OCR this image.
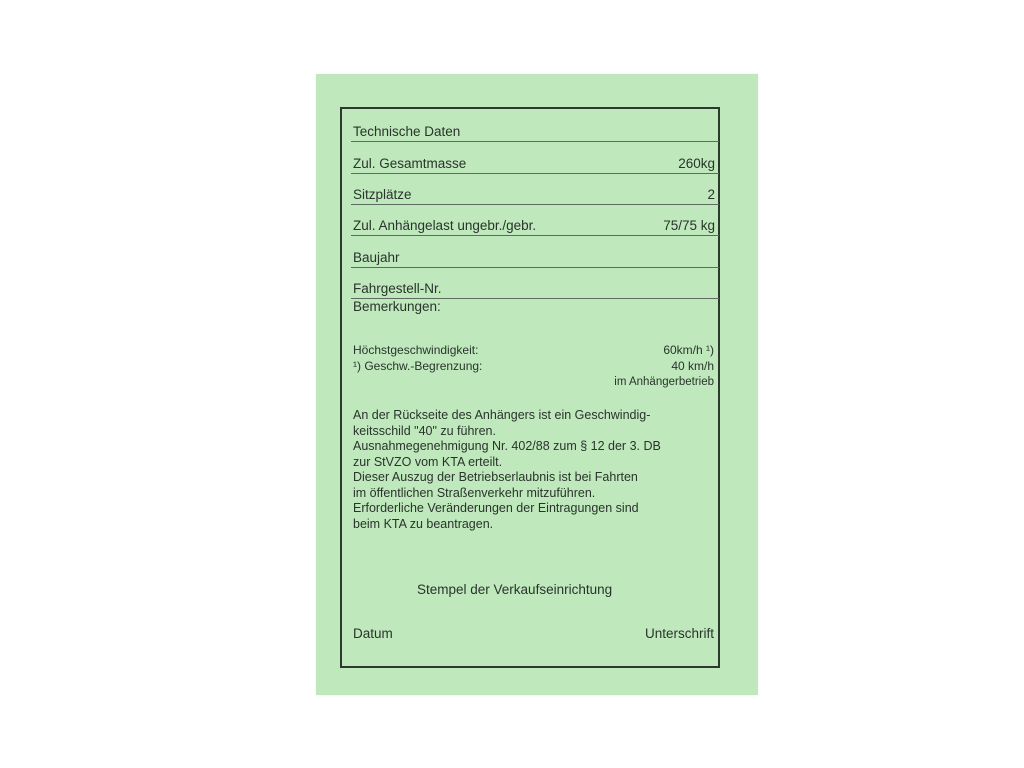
Technische Daten
Zul. Gesamtmasse	260kg
Sitzplätze	2
Zul. Anhängelast ungebr./gebr.	75/75 kg
Baujahr
Fahrgestell-Nr.
Bemerkungen:
Höchstgeschwindigkeit:	60km/h ¹)
¹) Geschw.-Begrenzung:	40 km/h
im Anhängerbetrieb
An der Rückseite des Anhängers ist ein Geschwindig-
keitsschild "40" zu führen.
Ausnahmegenehmigung Nr. 402/88 zum § 12 der 3. DB
zur StVZO vom KTA erteilt.
Dieser Auszug der Betriebserlaubnis ist bei Fahrten
im öffentlichen Straßenverkehr mitzuführen.
Erforderliche Veränderungen der Eintragungen sind
beim KTA zu beantragen.
Stempel der Verkaufseinrichtung
Datum	Unterschrift
